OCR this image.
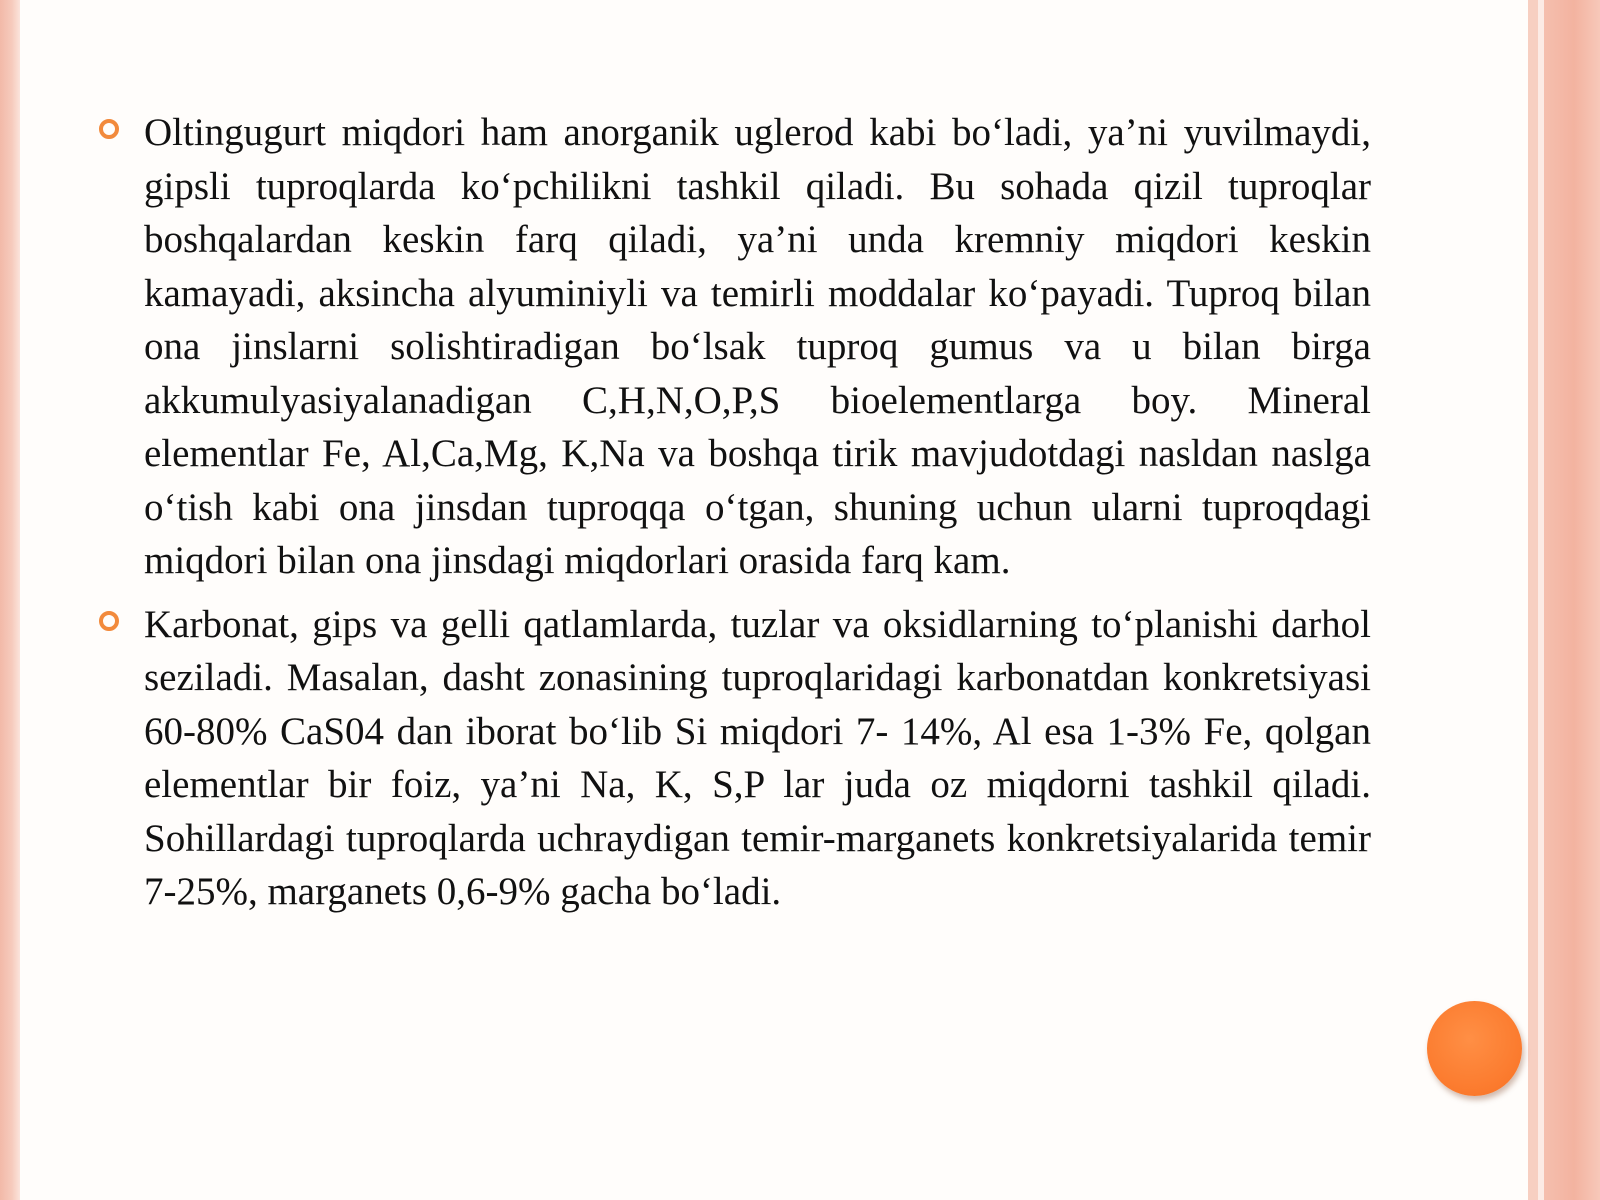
Oltingugurt miqdori ham anorganik uglerod kabi bo‘ladi, ya’ni yuvilmaydi, gipsli tuproqlarda ko‘pchilikni tashkil qiladi. Bu sohada qizil tuproqlar boshqalardan keskin farq qiladi, ya’ni unda kremniy miqdori keskin kamayadi, aksincha alyuminiyli va temirli moddalar ko‘payadi. Tuproq bilan ona jinslarni solishtiradigan bo‘lsak tuproq gumus va u bilan birga akkumulyasiyalanadigan C,H,N,O,P,S bioelementlarga boy. Mineral elementlar Fe, Al,Ca,Mg, K,Na va boshqa tirik mavjudotdagi nasldan naslga o‘tish kabi ona jinsdan tuproqqa o‘tgan, shuning uchun ularni tuproqdagi miqdori bilan ona jinsdagi miqdorlari orasida farq kam.
Karbonat, gips va gelli qatlamlarda, tuzlar va oksidlarning to‘planishi darhol seziladi. Masalan, dasht zonasining tuproqlaridagi karbonatdan konkretsiyasi 60-80% CaS04 dan iborat bo‘lib Si miqdori 7- 14%, Al esa 1-3% Fe, qolgan elementlar bir foiz, ya’ni Na, K, S,P lar juda oz miqdorni tashkil qiladi. Sohillardagi tuproqlarda uchraydigan temir-marganets konkretsiyalarida temir 7-25%, marganets 0,6-9% gacha bo‘ladi.
